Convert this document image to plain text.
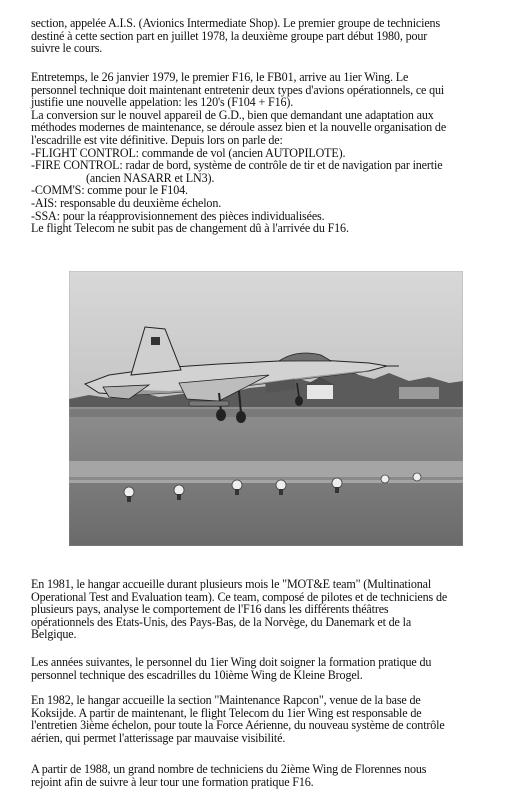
section, appelée A.I.S. (Avionics Intermediate Shop). Le premier groupe de techniciens
destiné à cette section part en juillet 1978, la deuxième groupe part début 1980, pour
suivre le cours.
Entretemps, le 26 janvier 1979, le premier F16, le FB01, arrive au 1ier Wing. Le
personnel technique doit maintenant entretenir deux types d'avions opérationnels, ce qui
justifie une nouvelle appelation: les 120's (F104 + F16).
La conversion sur le nouvel appareil de G.D., bien que demandant une adaptation aux
méthodes modernes de maintenance, se déroule assez bien et la nouvelle organisation de
l'escadrille est vite définitive. Depuis lors on parle de:
-FLIGHT CONTROL: commande de vol (ancien AUTOPILOTE).
-FIRE CONTROL: radar de bord, système de contrôle de tir et de navigation par inertie
(ancien NASARR et LN3).
-COMM'S: comme pour le F104.
-AIS: responsable du deuxième échelon.
-SSA: pour la réapprovisionnement des pièces individualisées.
Le flight Telecom ne subit pas de changement dû à l'arrivée du F16.
En 1981, le hangar accueille durant plusieurs mois le "MOT&E team" (Multinational
Operational Test and Evaluation team). Ce team, composé de pilotes et de techniciens de
plusieurs pays, analyse le comportement de l'F16 dans les différents théâtres
opérationnels des Etats-Unis, des Pays-Bas, de la Norvège, du Danemark et de la
Belgique.
Les années suivantes, le personnel du 1ier Wing doit soigner la formation pratique du
personnel technique des escadrilles du 10ième Wing de Kleine Brogel.
En 1982, le hangar accueille la section "Maintenance Rapcon", venue de la base de
Koksijde. A partir de maintenant, le flight Telecom du 1ier Wing est responsable de
l'entretien 3ième échelon, pour toute la Force Aérienne, du nouveau système de contrôle
aérien, qui permet l'atterissage par mauvaise visibilité.
A partir de 1988, un grand nombre de techniciens du 2ième Wing de Florennes nous
rejoint afin de suivre à leur tour une formation pratique F16.
